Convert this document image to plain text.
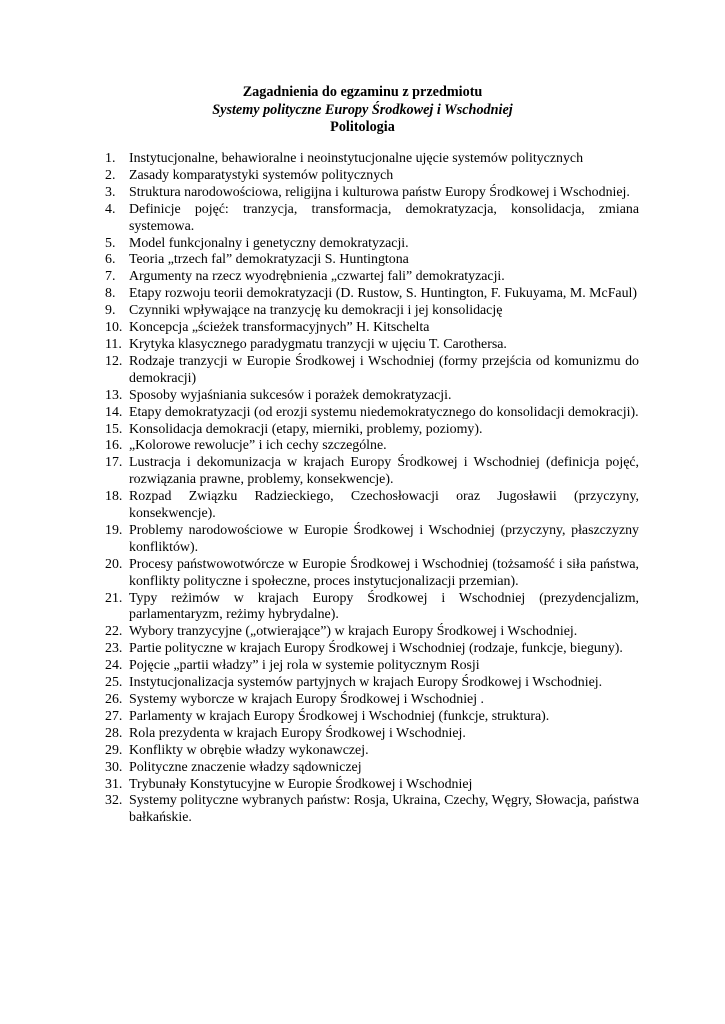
Zagadnienia do egzaminu z przedmiotu
Systemy polityczne Europy Środkowej i Wschodniej
Politologia
1. Instytucjonalne, behawioralne i neoinstytucjonalne ujęcie systemów politycznych
2. Zasady komparatystyki systemów politycznych
3. Struktura narodowościowa, religijna i kulturowa państw Europy Środkowej i Wschodniej.
4. Definicje pojęć: tranzycja, transformacja, demokratyzacja, konsolidacja, zmiana systemowa.
5. Model funkcjonalny i genetyczny demokratyzacji.
6. Teoria „trzech fal” demokratyzacji S. Huntingtona
7. Argumenty na rzecz wyodrębnienia „czwartej fali” demokratyzacji.
8. Etapy rozwoju teorii demokratyzacji (D. Rustow, S. Huntington, F. Fukuyama, M. McFaul)
9. Czynniki wpływające na tranzycję ku demokracji i jej konsolidację
10. Koncepcja „ścieżek transformacyjnych” H. Kitschelta
11. Krytyka klasycznego paradygmatu tranzycji w ujęciu T. Carothersa.
12. Rodzaje tranzycji w Europie Środkowej i Wschodniej (formy przejścia od komunizmu do demokracji)
13. Sposoby wyjaśniania sukcesów i porażek demokratyzacji.
14. Etapy demokratyzacji (od erozji systemu niedemokratycznego do konsolidacji demokracji).
15. Konsolidacja demokracji (etapy, mierniki, problemy, poziomy).
16. „Kolorowe rewolucje” i ich cechy szczególne.
17. Lustracja i dekomunizacja w krajach Europy Środkowej i Wschodniej (definicja pojęć, rozwiązania prawne, problemy, konsekwencje).
18. Rozpad Związku Radzieckiego, Czechosłowacji oraz Jugosławii (przyczyny, konsekwencje).
19. Problemy narodowościowe w Europie Środkowej i Wschodniej (przyczyny, płaszczyzny konfliktów).
20. Procesy państwowotwórcze w Europie Środkowej i Wschodniej (tożsamość i siła państwa, konflikty polityczne i społeczne, proces instytucjonalizacji przemian).
21. Typy reżimów w krajach Europy Środkowej i Wschodniej (prezydencjalizm, parlamentaryzm, reżimy hybrydalne).
22. Wybory tranzycyjne („otwierające”) w krajach Europy Środkowej i Wschodniej.
23. Partie polityczne w krajach Europy Środkowej i Wschodniej (rodzaje, funkcje, bieguny).
24. Pojęcie „partii władzy” i jej rola w systemie politycznym Rosji
25. Instytucjonalizacja systemów partyjnych w krajach Europy Środkowej i Wschodniej.
26. Systemy wyborcze w krajach Europy Środkowej i Wschodniej .
27. Parlamenty w krajach Europy Środkowej i Wschodniej (funkcje, struktura).
28. Rola prezydenta w krajach Europy Środkowej i Wschodniej.
29. Konflikty w obrębie władzy wykonawczej.
30. Polityczne znaczenie władzy sądowniczej
31. Trybunały Konstytucyjne w Europie Środkowej i Wschodniej
32. Systemy polityczne wybranych państw: Rosja, Ukraina, Czechy, Węgry, Słowacja, państwa bałkańskie.
